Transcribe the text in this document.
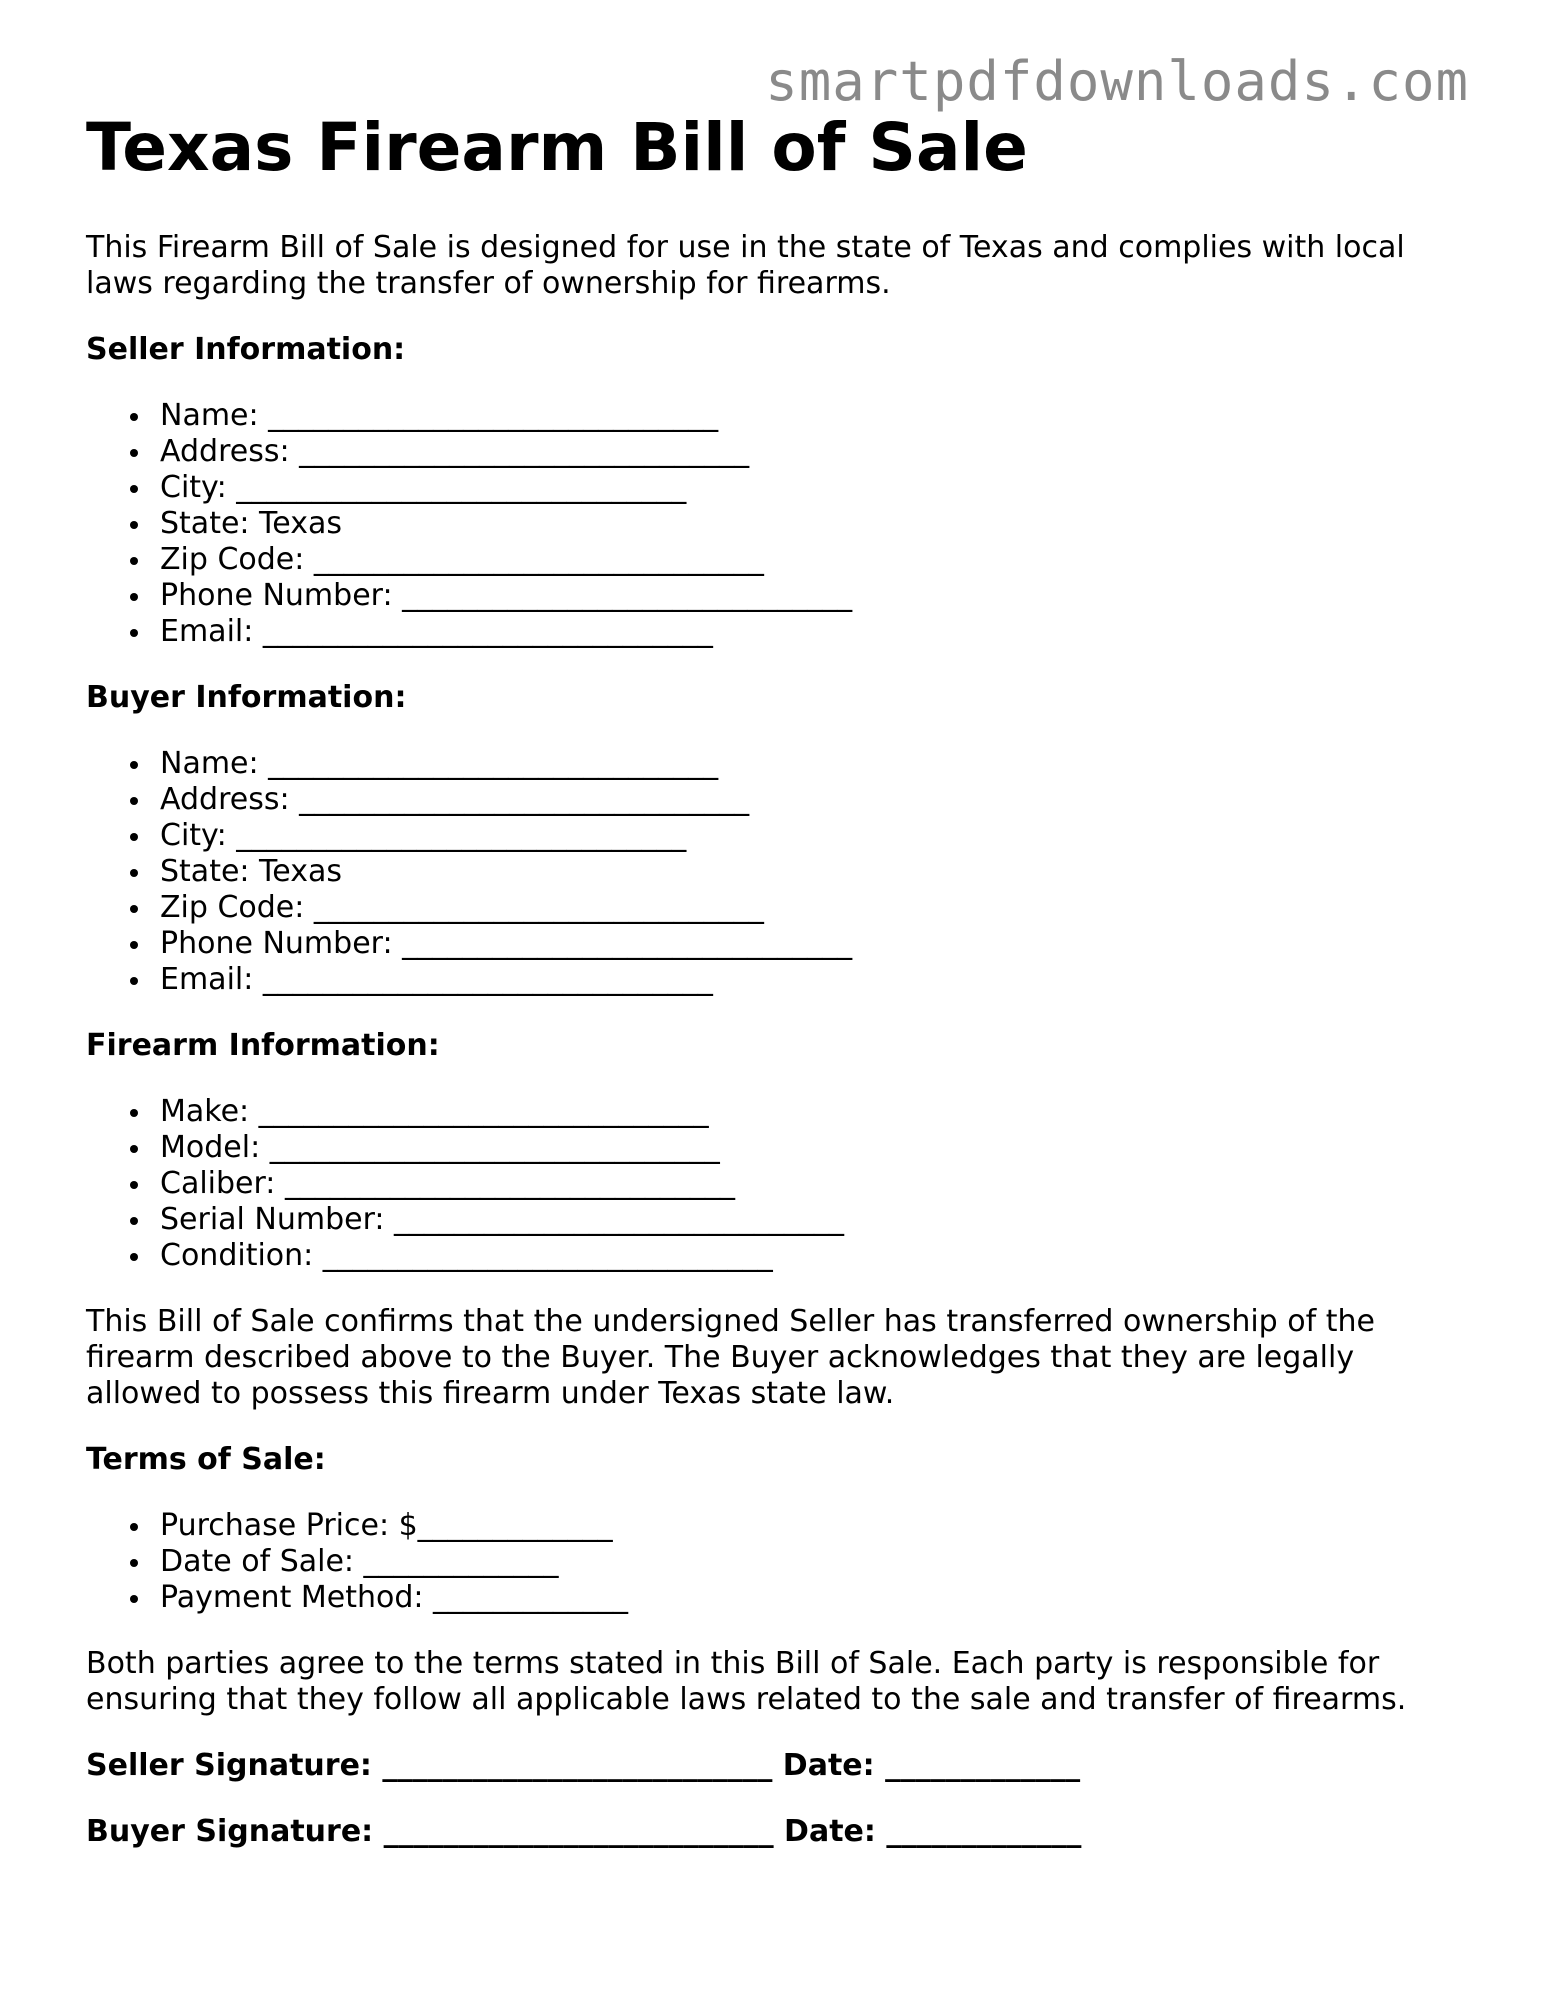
smartpdfdownloads.com
Texas Firearm Bill of Sale

This Firearm Bill of Sale is designed for use in the state of Texas and complies with local laws regarding the transfer of ownership for firearms.

Seller Information:
Name: ______________________________
Address: ______________________________
City: ______________________________
State: Texas
Zip Code: ______________________________
Phone Number: ______________________________
Email: ______________________________
Buyer Information:
Name: ______________________________
Address: ______________________________
City: ______________________________
State: Texas
Zip Code: ______________________________
Phone Number: ______________________________
Email: ______________________________
Firearm Information:
Make: ______________________________
Model: ______________________________
Caliber: ______________________________
Serial Number: ______________________________
Condition: ______________________________

This Bill of Sale confirms that the undersigned Seller has transferred ownership of the firearm described above to the Buyer. The Buyer acknowledges that they are legally allowed to possess this firearm under Texas state law.

Terms of Sale:
Purchase Price: $_____________
Date of Sale: _____________
Payment Method: _____________

Both parties agree to the terms stated in this Bill of Sale. Each party is responsible for ensuring that they follow all applicable laws related to the sale and transfer of firearms.

Seller Signature: __________________________ Date: _____________
Buyer Signature: __________________________ Date: _____________
